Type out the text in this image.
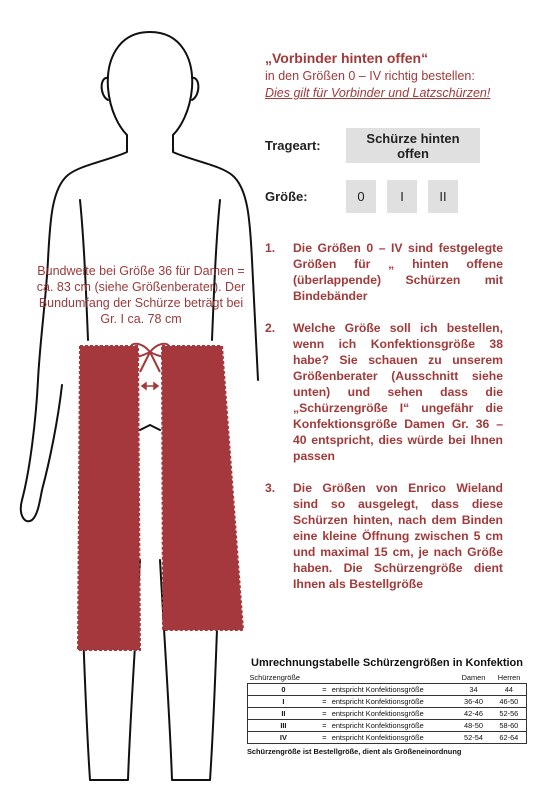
Bundweite bei Größe 36 für Damen = ca. 83 cm (siehe Größenberater). Der Bundumfang der Schürze beträgt bei Gr. I ca. 78 cm
„Vorbinder hinten offen“
in den Größen 0 – IV richtig bestellen:
Dies gilt für Vorbinder und Latzschürzen!
Trageart:	Schürze hinten offen
Größe:	0	I	II
1.	Die Größen 0 – IV sind festgelegte Größen für „ hinten offene (überlappende) Schürzen mit Bindebänder
2.	Welche Größe soll ich bestellen, wenn ich Konfektionsgröße 38 habe? Sie schauen zu unserem Größenberater (Ausschnitt siehe unten) und sehen dass die „Schürzengröße I“ ungefähr die Konfektionsgröße Damen Gr. 36 – 40 entspricht, dies würde bei Ihnen passen
3.	Die Größen von Enrico Wieland sind so ausgelegt, dass diese Schürzen hinten, nach dem Binden eine kleine Öffnung zwischen 5 cm und maximal 15 cm, je nach Größe haben. Die Schürzengröße dient Ihnen als Bestellgröße
Umrechnungstabelle Schürzengrößen in Konfektion
Schürzengröße			Damen	Herren
0	=	entspricht Konfektionsgröße	34	44
I	=	entspricht Konfektionsgröße	36-40	46-50
II	=	entspricht Konfektionsgröße	42-46	52-56
III	=	entspricht Konfektionsgröße	48-50	58-60
IV	=	entspricht Konfektionsgröße	52-54	62-64
Schürzengröße ist Bestellgröße, dient als Größeneinordnung
